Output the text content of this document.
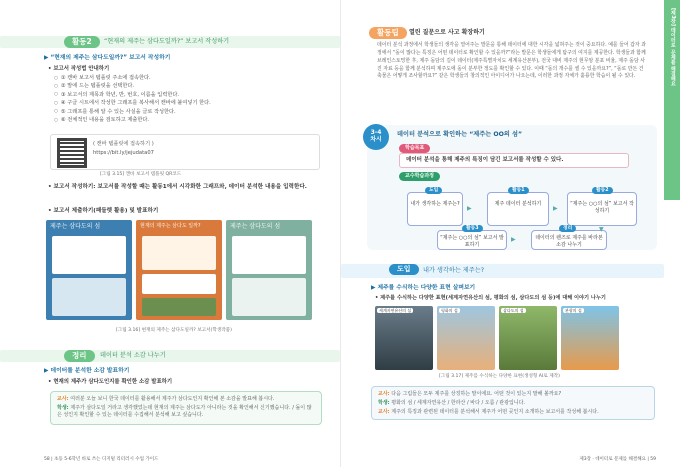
활동2	“현재의 제주는 삼다도일까?” 보고서 작성하기
▶ “현재의 제주는 삼다도일까?” 보고서 작성하기
• 보고서 작성법 안내하기
○ ① 캔바 보고서 템플릿 주소에 접속한다.
○ ② 맘에 드는 템플릿을 선택한다.
○ ③ 보고서의 제목과 학년, 반, 번호, 이름을 입력한다.
○ ④ 구글 시트에서 작성한 그래프를 복사해서 캔바에 붙여넣기 한다.
○ ⑤ 그래프를 통해 알 수 있는 사실을 글로 작성한다.
○ ⑥ 전체적인 내용을 검토하고 제출한다.
( 캔바 템플릿에 접속하기 )
https://bit.ly/jejudata07
[그림 3.15] 캔바 보고서 템플릿 QR코드
• 보고서 작성하기: 보고서를 작성할 때는 활동1에서 시각화한 그래프와, 데이터 분석한 내용을 입력한다.
• 보고서 제출하기(패들렛 활용) 및 발표하기
제주는 삼다도의 섬	현재의 제주는 삼다도 일까?	제주는 삼다도의 섬
[그림 3.16] 현재의 제주는 삼다도일까? 보고서(학생작품)
정리	데이터 분석 소감 나누기
▶ 데이터를 분석한 소감 발표하기
• 현재의 제주가 삼다도인지를 확인한 소감 발표하기
교사: 여러분 오늘 보니 한국 데이터를 활용해서 제주가 삼다도인지 확인해 본 소감을 발표해 봅시다.
학생: 제주가 삼다도일 거라고 생각했었는데 현재의 제주는 삼다도가 아니라는 것을 확인해서 신기했습니다. / 돌이 많은 성인지 확인할 수 있는 데이터를 수집해서 분석해 보고 싶습니다.
58 | 초등 5-6학년 바로 쓰는 디지털 리터러시 수업 가이드
[제3장] 데이터로 문제를 해결해요
활동팁	열린 질문으로 사고 확장하기
데이터 분석 과정에서 학생들의 생각을 열어주는 발문을 통해 데이터에 대한 시각을 넓혀주는 것이 중요하다. 예를 들어 갑자 과정에서 “돌이 많다는 특징은 어떤 데이터로 확인할 수 있을까?”라는 발문은 학생들에게 탐구의 여지를 제공한다. 학생들과 함께 브레인스토밍한 후, 제주 돌담의 길이 데이터(제주특별자치도 세계유산본부), 전국 대비 제주의 현무암 분포 비율, 제주 돌담 사진 자료 등을 함께 분석하며 제주도에 돌이 분부한 정도를 확인할 수 있다. 이때 “돌의 개수를 셀 수 있을까요?”, “돌로 만든 건축물은 어떻게 조사할까요?” 같은 학생들의 창의적인 아이디어가 나오는데, 이러한 과정 자체가 훌륭한 학습이 될 수 있다.
3-4
차시
데이터 분석으로 확인하는 “제주는 OO의 섬”
학습목표
데이터 분석을 통해 제주의 특징이 담긴 보고서를 작성할 수 있다.
교수학습과정
도입	내가 생각하는 제주는?
▶ 제주를 수식하는 다양한 표현 살펴보기
• 제주를 수식하는 다양한 표현(세계자연유산의 섬, 평화의 섬, 삼다도의 섬 등)에 대해 이야기 나누기
세계자연유산의 섬	평화의 섬	삼다도의 섬	관광의 섬
[그림 3.17] 제주를 수식하는 다양한 표현(생성형 AI로 제작)
교사: 다음 그림들은 모두 제주를 상징하는 말이에요. 어떤 것이 있는지 말해 볼까요?
학생: 평화의 섬 / 세계자연유산 / 한라산 / 바다 / 오름 / 관광입니다.
교사: 제주의 특징과 관련된 데이터를 분석해서 제주가 어떤 곳인지 소개하는 보고서를 작성해 봅시다.
제3장 · 데이터로 문제를 해결해요 | 59
내가 생각하는 제주는?
도입
제주 데이터 분석하기
활동1
“제주는 ○○의 섬” 보고서 작성하기
활동2
“제주는 ○○의 섬” 보고서 발표하기
활동3
데이터의 렌즈로 제주를 바라본 소감 나누기
정리
▶	▶
▶
▼
